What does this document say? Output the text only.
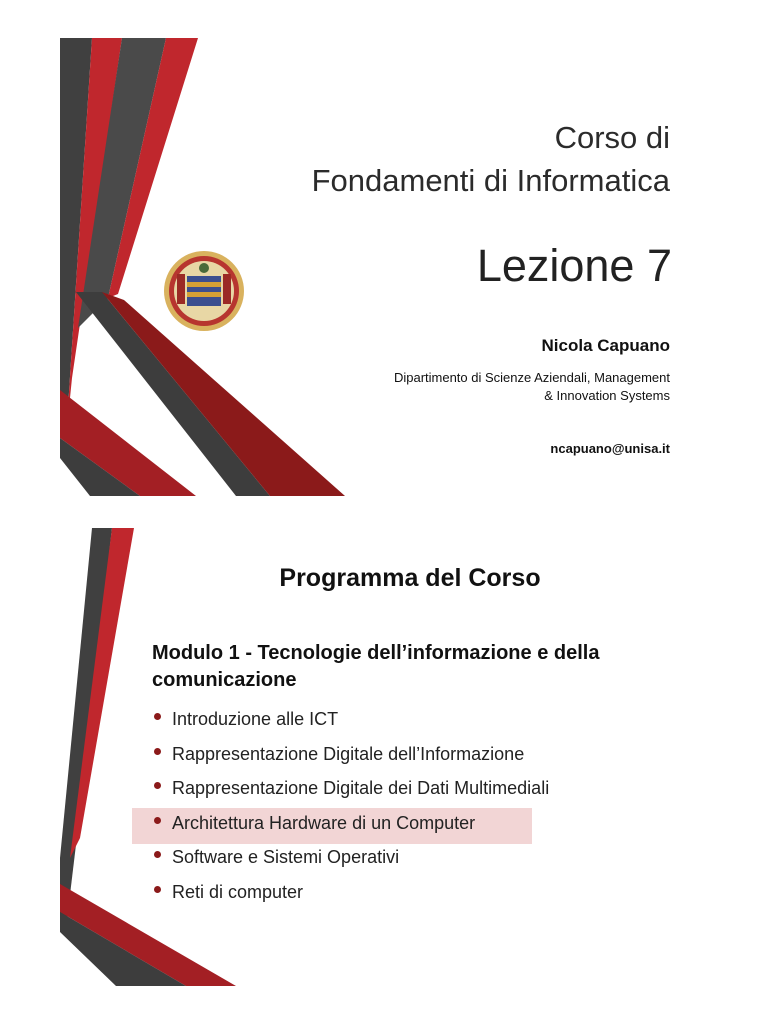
Corso di
Fondamenti di Informatica
Lezione 7
Nicola Capuano
Dipartimento di Scienze Aziendali, Management
& Innovation Systems
ncapuano@unisa.it
Programma del Corso
Modulo 1 - Tecnologie dell’informazione e della comunicazione
Introduzione alle ICT
Rappresentazione Digitale dell’Informazione
Rappresentazione Digitale dei Dati Multimediali
Architettura Hardware di un Computer
Software e Sistemi Operativi
Reti di computer
